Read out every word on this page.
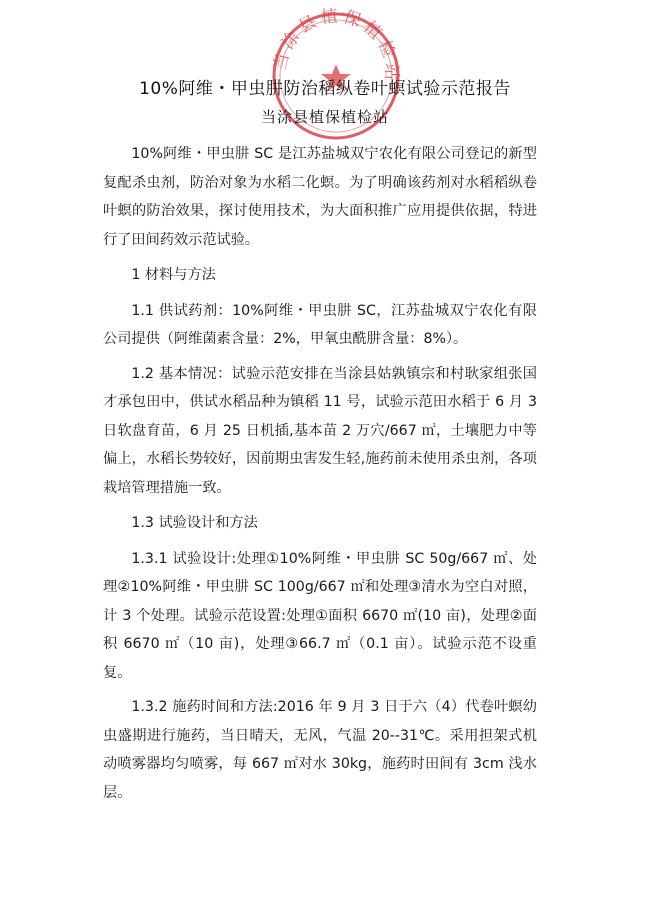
当涂县植保植检站
10%阿维・甲虫肼防治稻纵卷叶螟试验示范报告
当涂县植保植检站

10%阿维・甲虫肼 SC 是江苏盐城双宁农化有限公司登记的新型复配杀虫剂，防治对象为水稻二化螟。为了明确该药剂对水稻稻纵卷叶螟的防治效果，探讨使用技术，为大面积推广应用提供依据，特进行了田间药效示范试验。

1 材料与方法

1.1 供试药剂：10%阿维・甲虫肼 SC，江苏盐城双宁农化有限公司提供（阿维菌素含量：2%，甲氧虫酰肼含量：8%）。

1.2 基本情况：试验示范安排在当涂县姑孰镇宗和村耿家组张国才承包田中，供试水稻品种为镇稻 11 号，试验示范田水稻于 6 月 3 日软盘育苗，6 月 25 日机插,基本苗 2 万穴/667 ㎡，土壤肥力中等偏上，水稻长势较好，因前期虫害发生轻,施药前未使用杀虫剂，各项栽培管理措施一致。

1.3 试验设计和方法

1.3.1 试验设计:处理①10%阿维・甲虫肼 SC 50g/667 ㎡、处理②10%阿维・甲虫肼 SC 100g/667 ㎡和处理③清水为空白对照，计 3 个处理。试验示范设置:处理①面积 6670 ㎡(10 亩)，处理②面积 6670 ㎡（10 亩)，处理③66.7 ㎡（0.1 亩）。试验示范不设重复。

1.3.2 施药时间和方法:2016 年 9 月 3 日于六（4）代卷叶螟幼虫盛期进行施药，当日晴天，无风，气温 20--31℃。采用担架式机动喷雾器均匀喷雾，每 667 ㎡对水 30kg，施药时田间有 3cm 浅水层。
